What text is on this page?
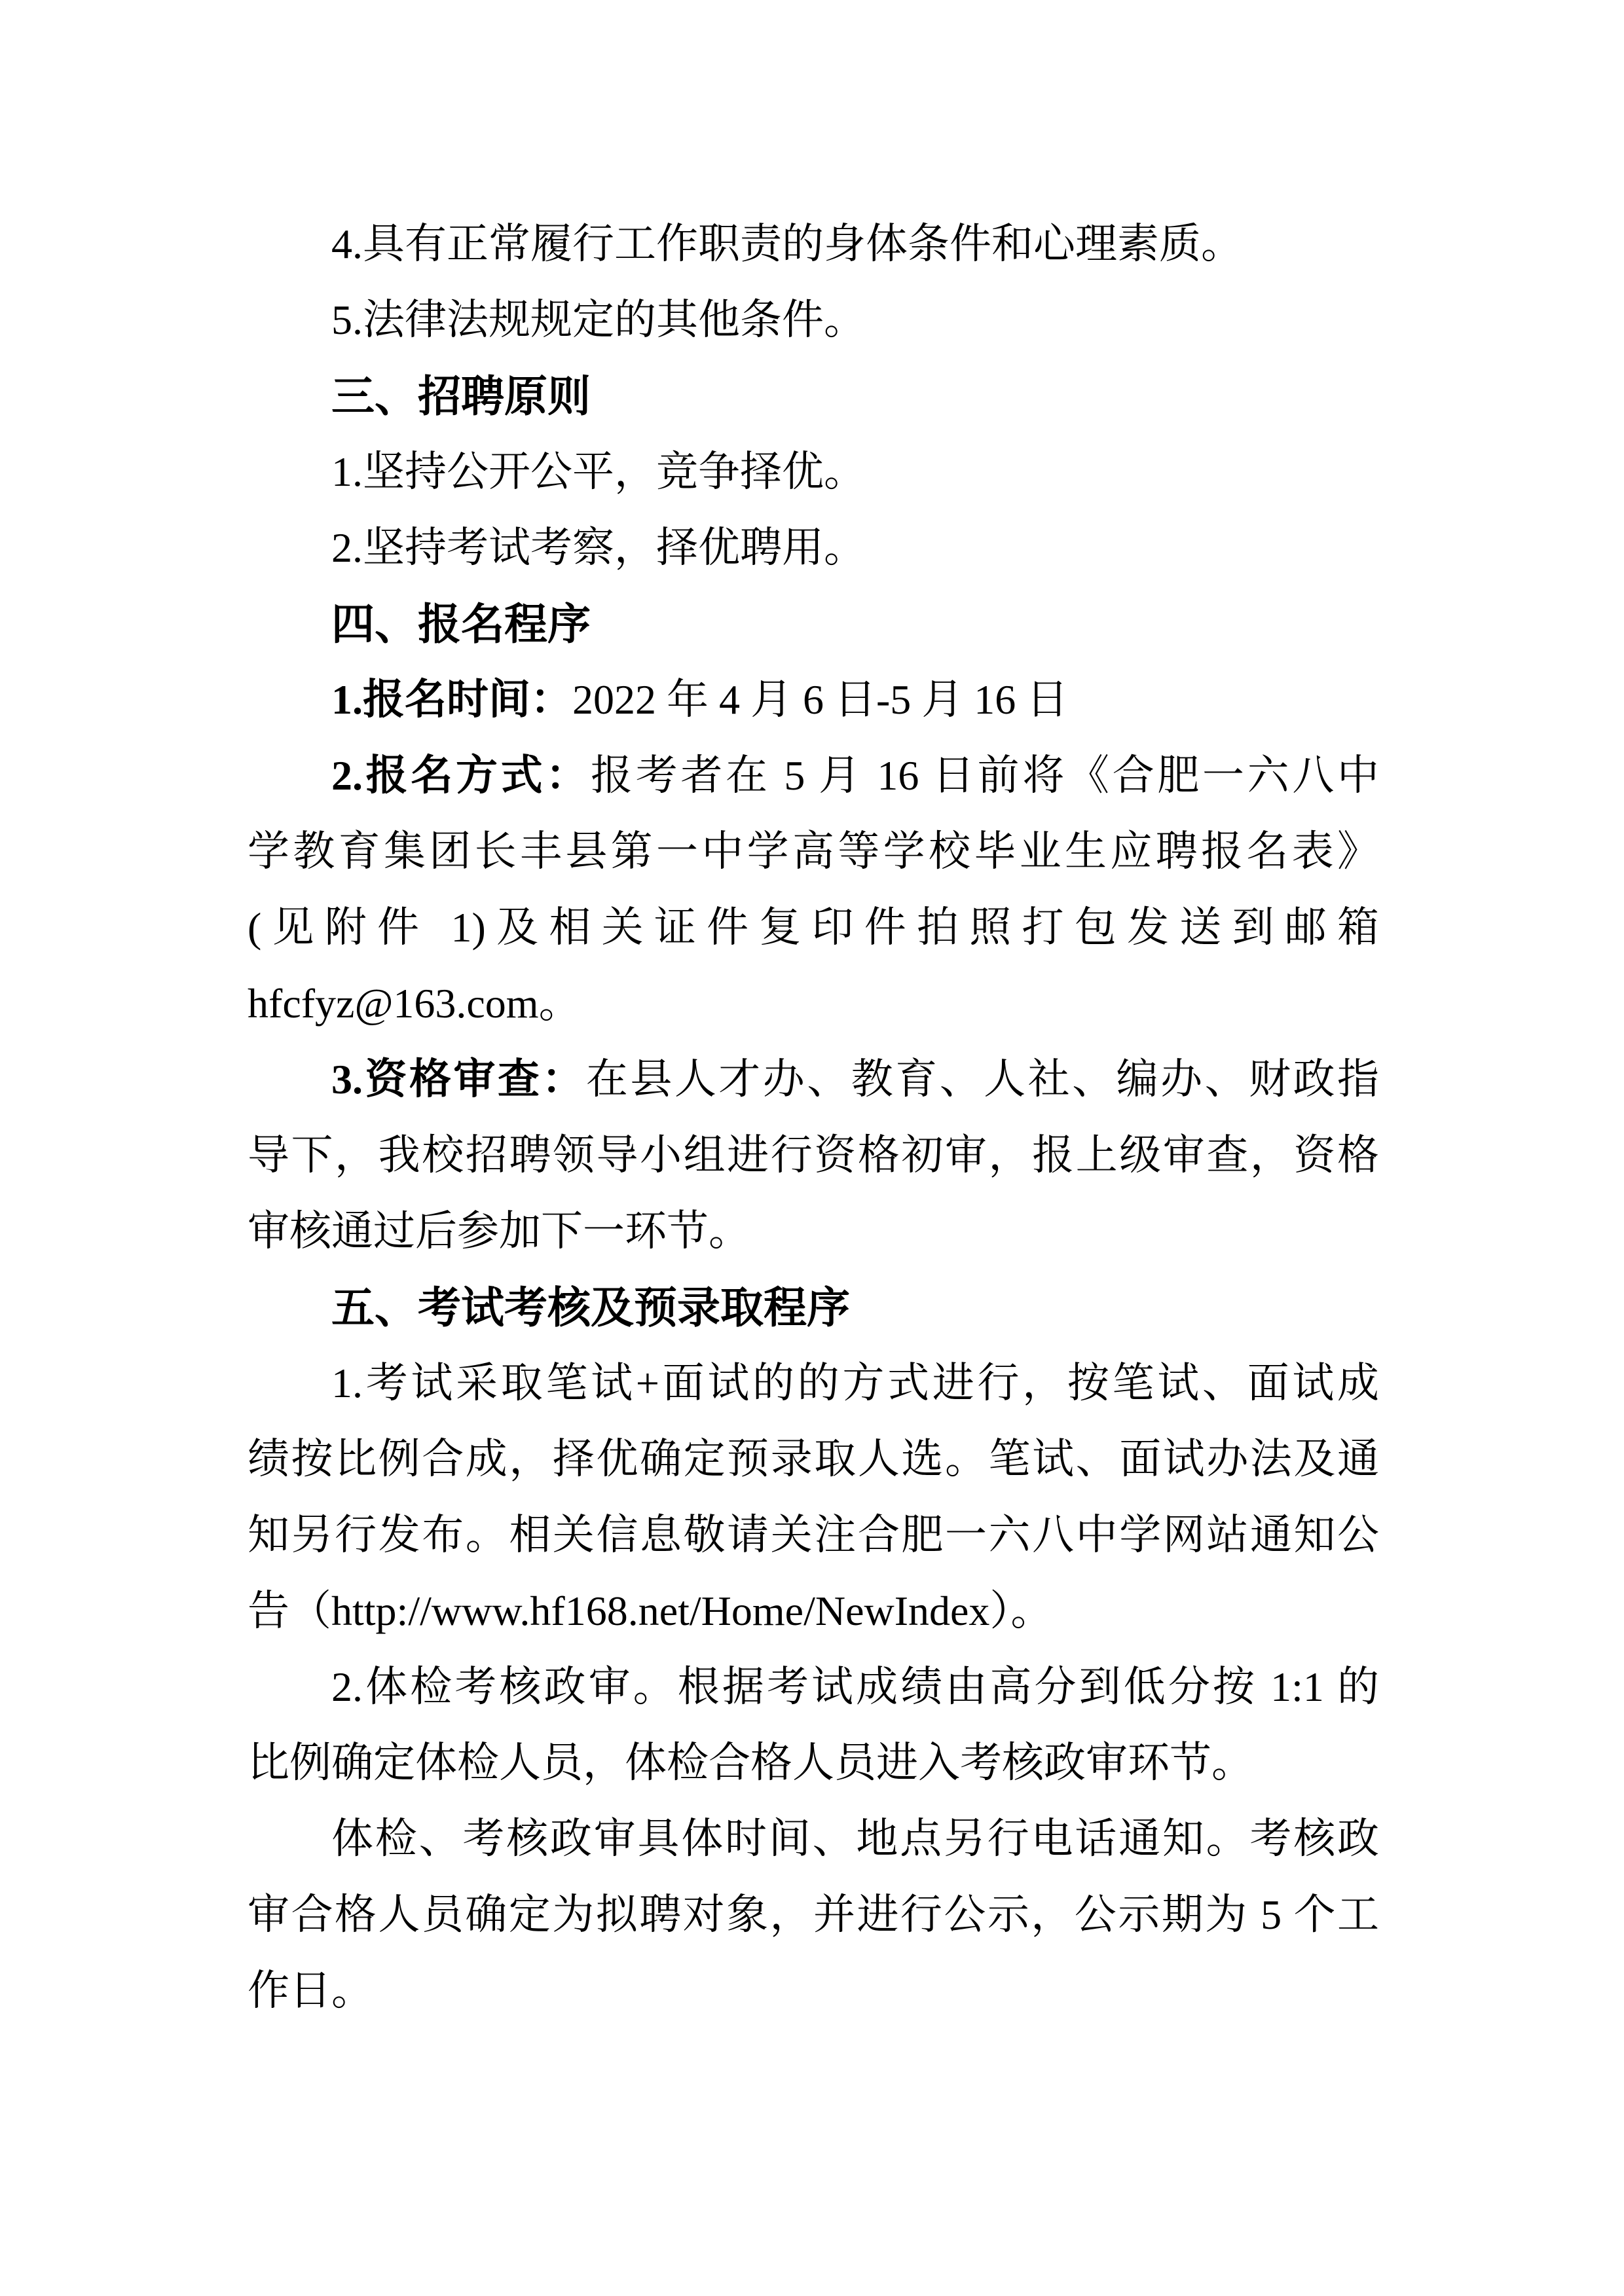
4.具有正常履行工作职责的身体条件和心理素质。
5.法律法规规定的其他条件。
三、招聘原则
1.坚持公开公平，竞争择优。
2.坚持考试考察，择优聘用。
四、报名程序
1.报名时间：2022 年 4 月 6 日-5 月 16 日
2.报名方式：报考者在 5 月 16 日前将《合肥一六八中
学教育集团长丰县第一中学高等学校毕业生应聘报名表》
(见附件 1)及相关证件复印件拍照打包发送到邮箱
hfcfyz@163.com。
3.资格审查：在县人才办、教育、人社、编办、财政指
导下，我校招聘领导小组进行资格初审，报上级审查，资格
审核通过后参加下一环节。
五、考试考核及预录取程序
1.考试采取笔试+面试的的方式进行，按笔试、面试成
绩按比例合成，择优确定预录取人选。笔试、面试办法及通
知另行发布。相关信息敬请关注合肥一六八中学网站通知公
告（http://www.hf168.net/Home/NewIndex）。
2.体检考核政审。根据考试成绩由高分到低分按 1:1 的
比例确定体检人员，体检合格人员进入考核政审环节。
体检、考核政审具体时间、地点另行电话通知。考核政
审合格人员确定为拟聘对象，并进行公示，公示期为 5 个工
作日。
